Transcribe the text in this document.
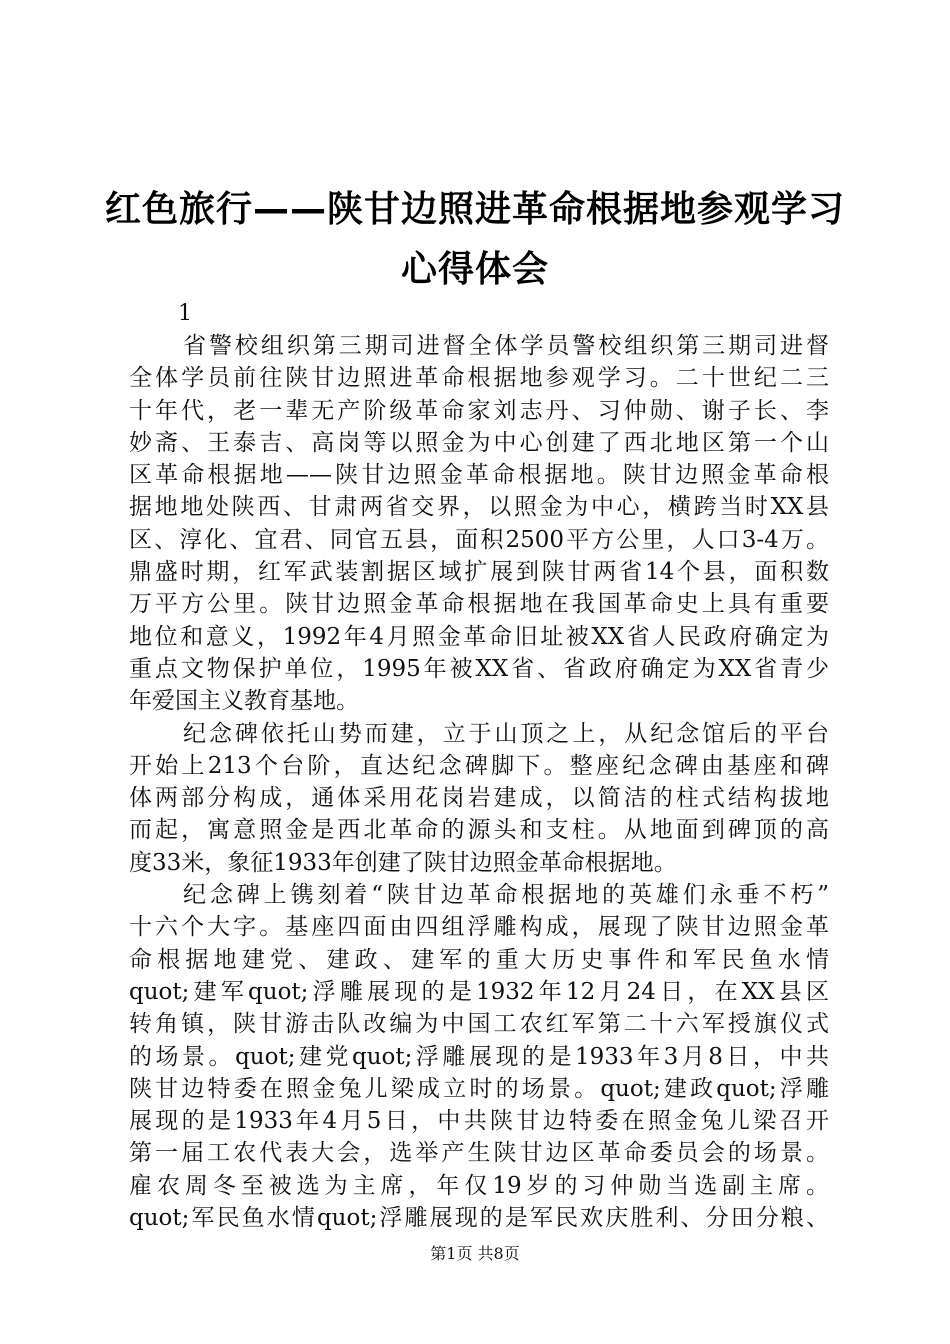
红色旅行——陕甘边照进革命根据地参观学习
心得体会
1
省警校组织第三期司进督全体学员警校组织第三期司进督
全体学员前往陕甘边照进革命根据地参观学习。二十世纪二三
十年代，老一辈无产阶级革命家刘志丹、习仲勋、谢子长、李
妙斋、王泰吉、高岗等以照金为中心创建了西北地区第一个山
区革命根据地——陕甘边照金革命根据地。陕甘边照金革命根
据地地处陕西、甘肃两省交界，以照金为中心，横跨当时XX县
区、淳化、宜君、同官五县，面积2500平方公里，人口3-4万。
鼎盛时期，红军武装割据区域扩展到陕甘两省14个县，面积数
万平方公里。陕甘边照金革命根据地在我国革命史上具有重要
地位和意义，1992年4月照金革命旧址被XX省人民政府确定为
重点文物保护单位，1995年被XX省、省政府确定为XX省青少
年爱国主义教育基地。
纪念碑依托山势而建，立于山顶之上，从纪念馆后的平台
开始上213个台阶，直达纪念碑脚下。整座纪念碑由基座和碑
体两部分构成，通体采用花岗岩建成，以简洁的柱式结构拔地
而起，寓意照金是西北革命的源头和支柱。从地面到碑顶的高
度33米，象征1933年创建了陕甘边照金革命根据地。
纪念碑上镌刻着“陕甘边革命根据地的英雄们永垂不朽”
十六个大字。基座四面由四组浮雕构成，展现了陕甘边照金革
命根据地建党、建政、建军的重大历史事件和军民鱼水情
quot;建军quot;浮雕展现的是1932年12月24日，在XX县区
转角镇，陕甘游击队改编为中国工农红军第二十六军授旗仪式
的场景。quot;建党quot;浮雕展现的是1933年3月8日，中共
陕甘边特委在照金兔儿梁成立时的场景。quot;建政quot;浮雕
展现的是1933年4月5日，中共陕甘边特委在照金兔儿梁召开
第一届工农代表大会，选举产生陕甘边区革命委员会的场景。
雇农周冬至被选为主席，年仅19岁的习仲勋当选副主席。
quot;军民鱼水情quot;浮雕展现的是军民欢庆胜利、分田分粮、
第1页 共8页
